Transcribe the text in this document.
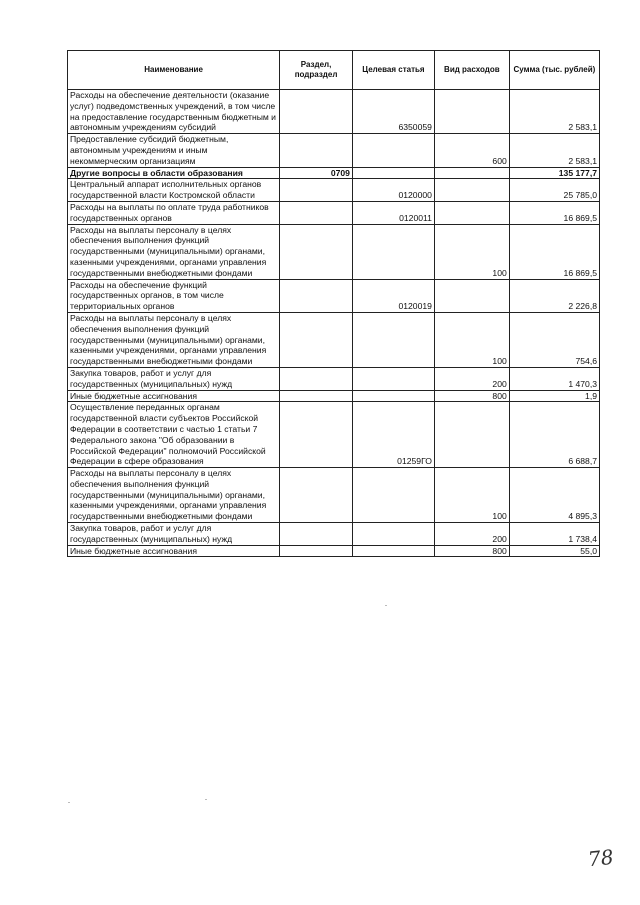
Наименование	Раздел, подраздел	Целевая статья	Вид расходов	Сумма (тыс. рублей)
Расходы на обеспечение деятельности (оказание услуг) подведомственных учреждений, в том числе на предоставление государственным бюджетным и автономным учреждениям субсидий		6350059		2 583,1
Предоставление субсидий бюджетным, автономным учреждениям и иным некоммерческим организациям			600	2 583,1
Другие вопросы в области образования	0709			135 177,7
Центральный аппарат исполнительных органов государственной власти Костромской области		0120000		25 785,0
Расходы на выплаты по оплате труда работников государственных органов		0120011		16 869,5
Расходы на выплаты персоналу в целях обеспечения выполнения функций государственными (муниципальными) органами, казенными учреждениями, органами управления государственными внебюджетными фондами			100	16 869,5
Расходы на обеспечение функций государственных органов, в том числе территориальных органов		0120019		2 226,8
Расходы на выплаты персоналу в целях обеспечения выполнения функций государственными (муниципальными) органами, казенными учреждениями, органами управления государственными внебюджетными фондами			100	754,6
Закупка товаров, работ и услуг для государственных (муниципальных) нужд			200	1 470,3
Иные бюджетные ассигнования			800	1,9
Осуществление переданных органам государственной власти субъектов Российской Федерации в соответствии с частью 1 статьи 7 Федерального закона "Об образовании в Российской Федерации" полномочий Российской Федерации в сфере образования		01259ГО		6 688,7
Расходы на выплаты персоналу в целях обеспечения выполнения функций государственными (муниципальными) органами, казенными учреждениями, органами управления государственными внебюджетными фондами			100	4 895,3
Закупка товаров, работ и услуг для государственных (муниципальных) нужд			200	1 738,4
Иные бюджетные ассигнования			800	55,0
78
